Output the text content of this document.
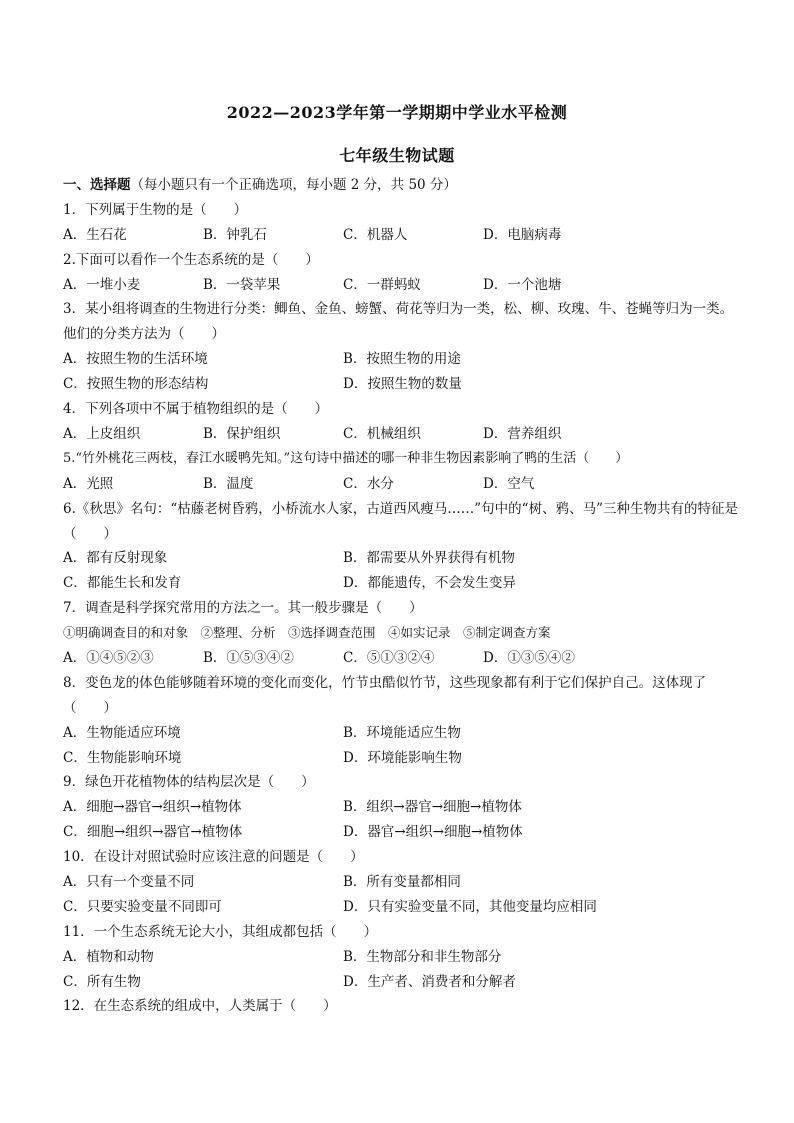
2022—2023学年第一学期期中学业水平检测
七年级生物试题
一、选择题（每小题只有一个正确选项，每小题 2 分，共 50 分）
1．下列属于生物的是（　　）
A．生石花	B．钟乳石	C．机器人	D．电脑病毒
2.下面可以看作一个生态系统的是（　　）
A．一堆小麦	B．一袋苹果	C．一群蚂蚁	D．一个池塘
3．某小组将调查的生物进行分类：鲫鱼、金鱼、螃蟹、荷花等归为一类，松、柳、玫瑰、牛、苍蝇等归为一类。他们的分类方法为（　　）
A．按照生物的生活环境	B．按照生物的用途
C．按照生物的形态结构	D．按照生物的数量
4．下列各项中不属于植物组织的是（　　）
A．上皮组织	B．保护组织	C．机械组织	D．营养组织
5.“竹外桃花三两枝，春江水暖鸭先知。”这句诗中描述的哪一种非生物因素影响了鸭的生活（　　）
A．光照	B．温度	C．水分	D．空气
6.《秋思》名句：“枯藤老树昏鸦，小桥流水人家，古道西风瘦马……”句中的“树、鸦、马”三种生物共有的特征是（　　）
A．都有反射现象	B．都需要从外界获得有机物
C．都能生长和发育	D．都能遗传，不会发生变异
7．调查是科学探究常用的方法之一。其一般步骤是（　　）
①明确调查目的和对象　②整理、分析　③选择调查范围　④如实记录　⑤制定调查方案
A．①④⑤②③	B．①⑤③④②	C．⑤①③②④	D．①③⑤④②
8．变色龙的体色能够随着环境的变化而变化，竹节虫酷似竹节，这些现象都有利于它们保护自己。这体现了（　　）
A．生物能适应环境	B．环境能适应生物
C．生物能影响环境	D．环境能影响生物
9．绿色开花植物体的结构层次是（　　）
A．细胞→器官→组织→植物体	B．组织→器官→细胞→植物体
C．细胞→组织→器官→植物体	D．器官→组织→细胞→植物体
10．在设计对照试验时应该注意的问题是（　　）
A．只有一个变量不同	B．所有变量都相同
C．只要实验变量不同即可	D．只有实验变量不同，其他变量均应相同
11．一个生态系统无论大小，其组成都包括（　　）
A．植物和动物	B．生物部分和非生物部分
C．所有生物	D．生产者、消费者和分解者
12．在生态系统的组成中，人类属于（　　）
